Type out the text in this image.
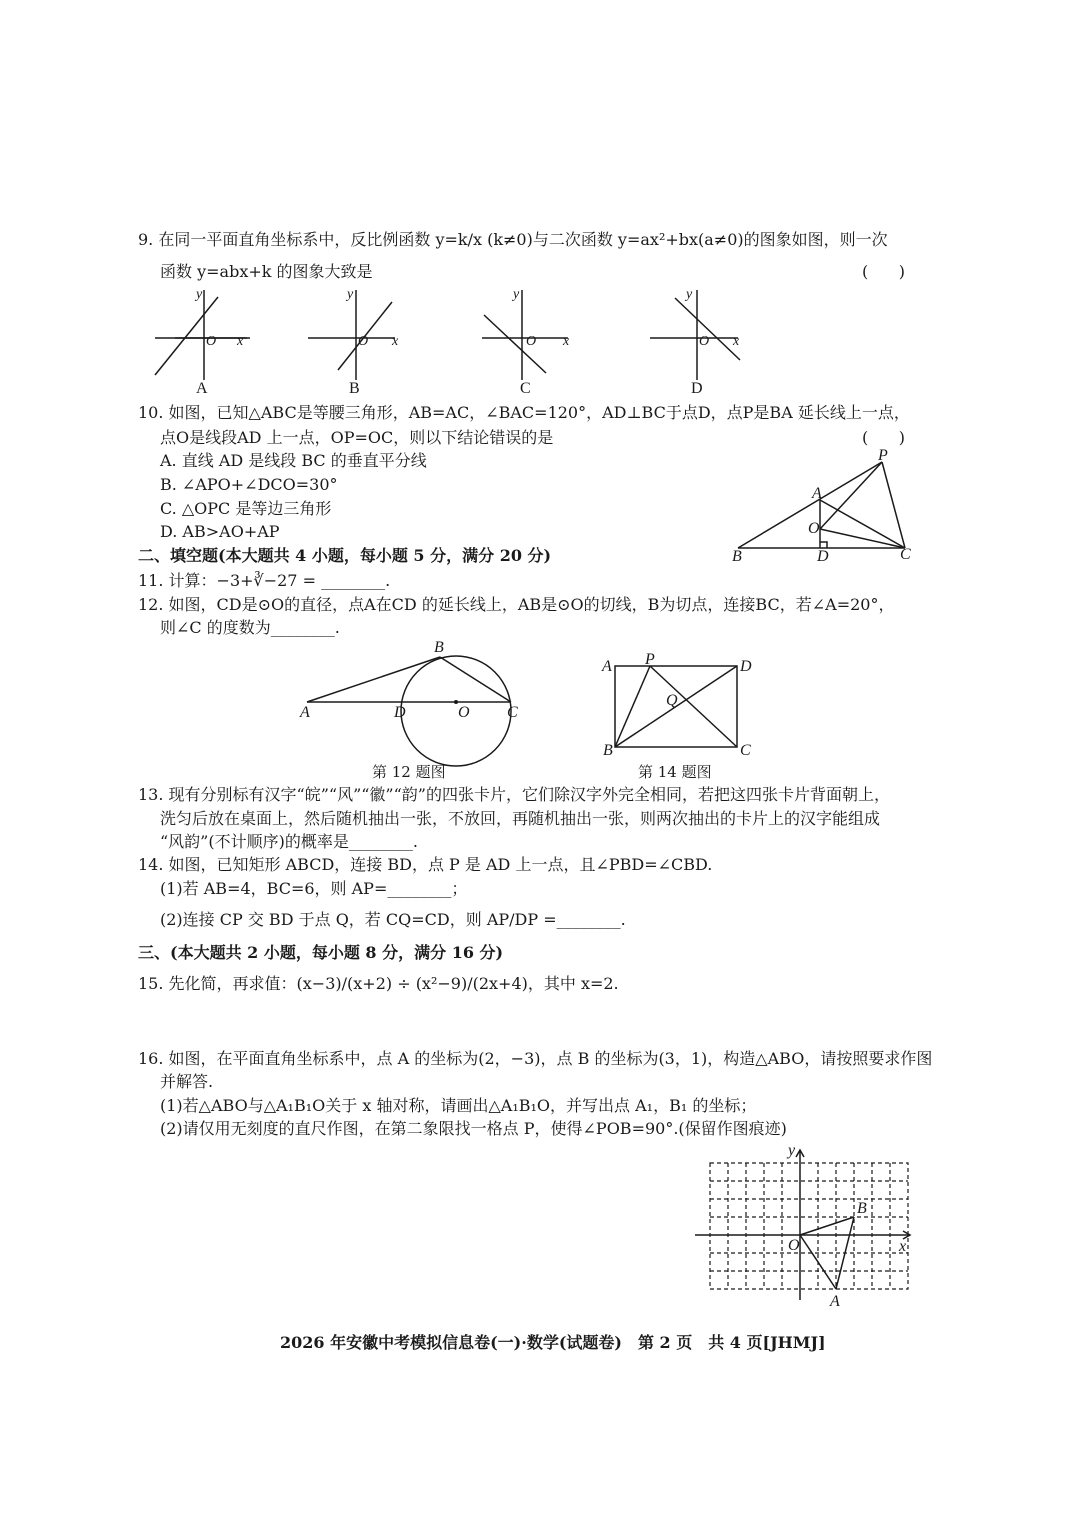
9. 在同一平面直角坐标系中，反比例函数 y=k/x (k≠0)与二次函数 y=ax²+bx(a≠0)的图象如图，则一次
函数 y=abx+k 的图象大致是	(      )
y
x
O
y
x
O
y
x
O
y
x
O
A	B	C	D
10. 如图，已知△ABC是等腰三角形，AB=AC，∠BAC=120°，AD⊥BC于点D，点P是BA 延长线上一点，
点O是线段AD 上一点，OP=OC，则以下结论错误的是	(      )
A. 直线 AD 是线段 BC 的垂直平分线
B. ∠APO+∠DCO=30°
C. △OPC 是等边三角形
D. AB>AO+AP
P
A
O
B	D	C
二、填空题(本大题共 4 小题，每小题 5 分，满分 20 分)
11. 计算：−3+∛−27 = ________.
12. 如图，CD是⊙O的直径，点A在CD 的延长线上，AB是⊙O的切线，B为切点，连接BC，若∠A=20°，
则∠C 的度数为________.
B
A	D	O C
第 12 题图
A P	D
Q
B	C
第 14 题图
13. 现有分别标有汉字“皖”“风”“徽”“韵”的四张卡片，它们除汉字外完全相同，若把这四张卡片背面朝上，
洗匀后放在桌面上，然后随机抽出一张，不放回，再随机抽出一张，则两次抽出的卡片上的汉字能组成
“风韵”(不计顺序)的概率是________.
14. 如图，已知矩形 ABCD，连接 BD，点 P 是 AD 上一点，且∠PBD=∠CBD.
(1)若 AB=4，BC=6，则 AP=________；
(2)连接 CP 交 BD 于点 Q，若 CQ=CD，则 AP/DP =________.
三、(本大题共 2 小题，每小题 8 分，满分 16 分)
15. 先化简，再求值：(x−3)/(x+2) ÷ (x²−9)/(2x+4)，其中 x=2.
16. 如图，在平面直角坐标系中，点 A 的坐标为(2，−3)，点 B 的坐标为(3，1)，构造△ABO，请按照要求作图
并解答.
(1)若△ABO与△A₁B₁O关于 x 轴对称，请画出△A₁B₁O，并写出点 A₁，B₁ 的坐标；
(2)请仅用无刻度的直尺作图，在第二象限找一格点 P，使得∠POB=90°.(保留作图痕迹)
y
x
O
B
A
2026 年安徽中考模拟信息卷(一)·数学(试题卷)　第 2 页　共 4 页[JHMJ]
